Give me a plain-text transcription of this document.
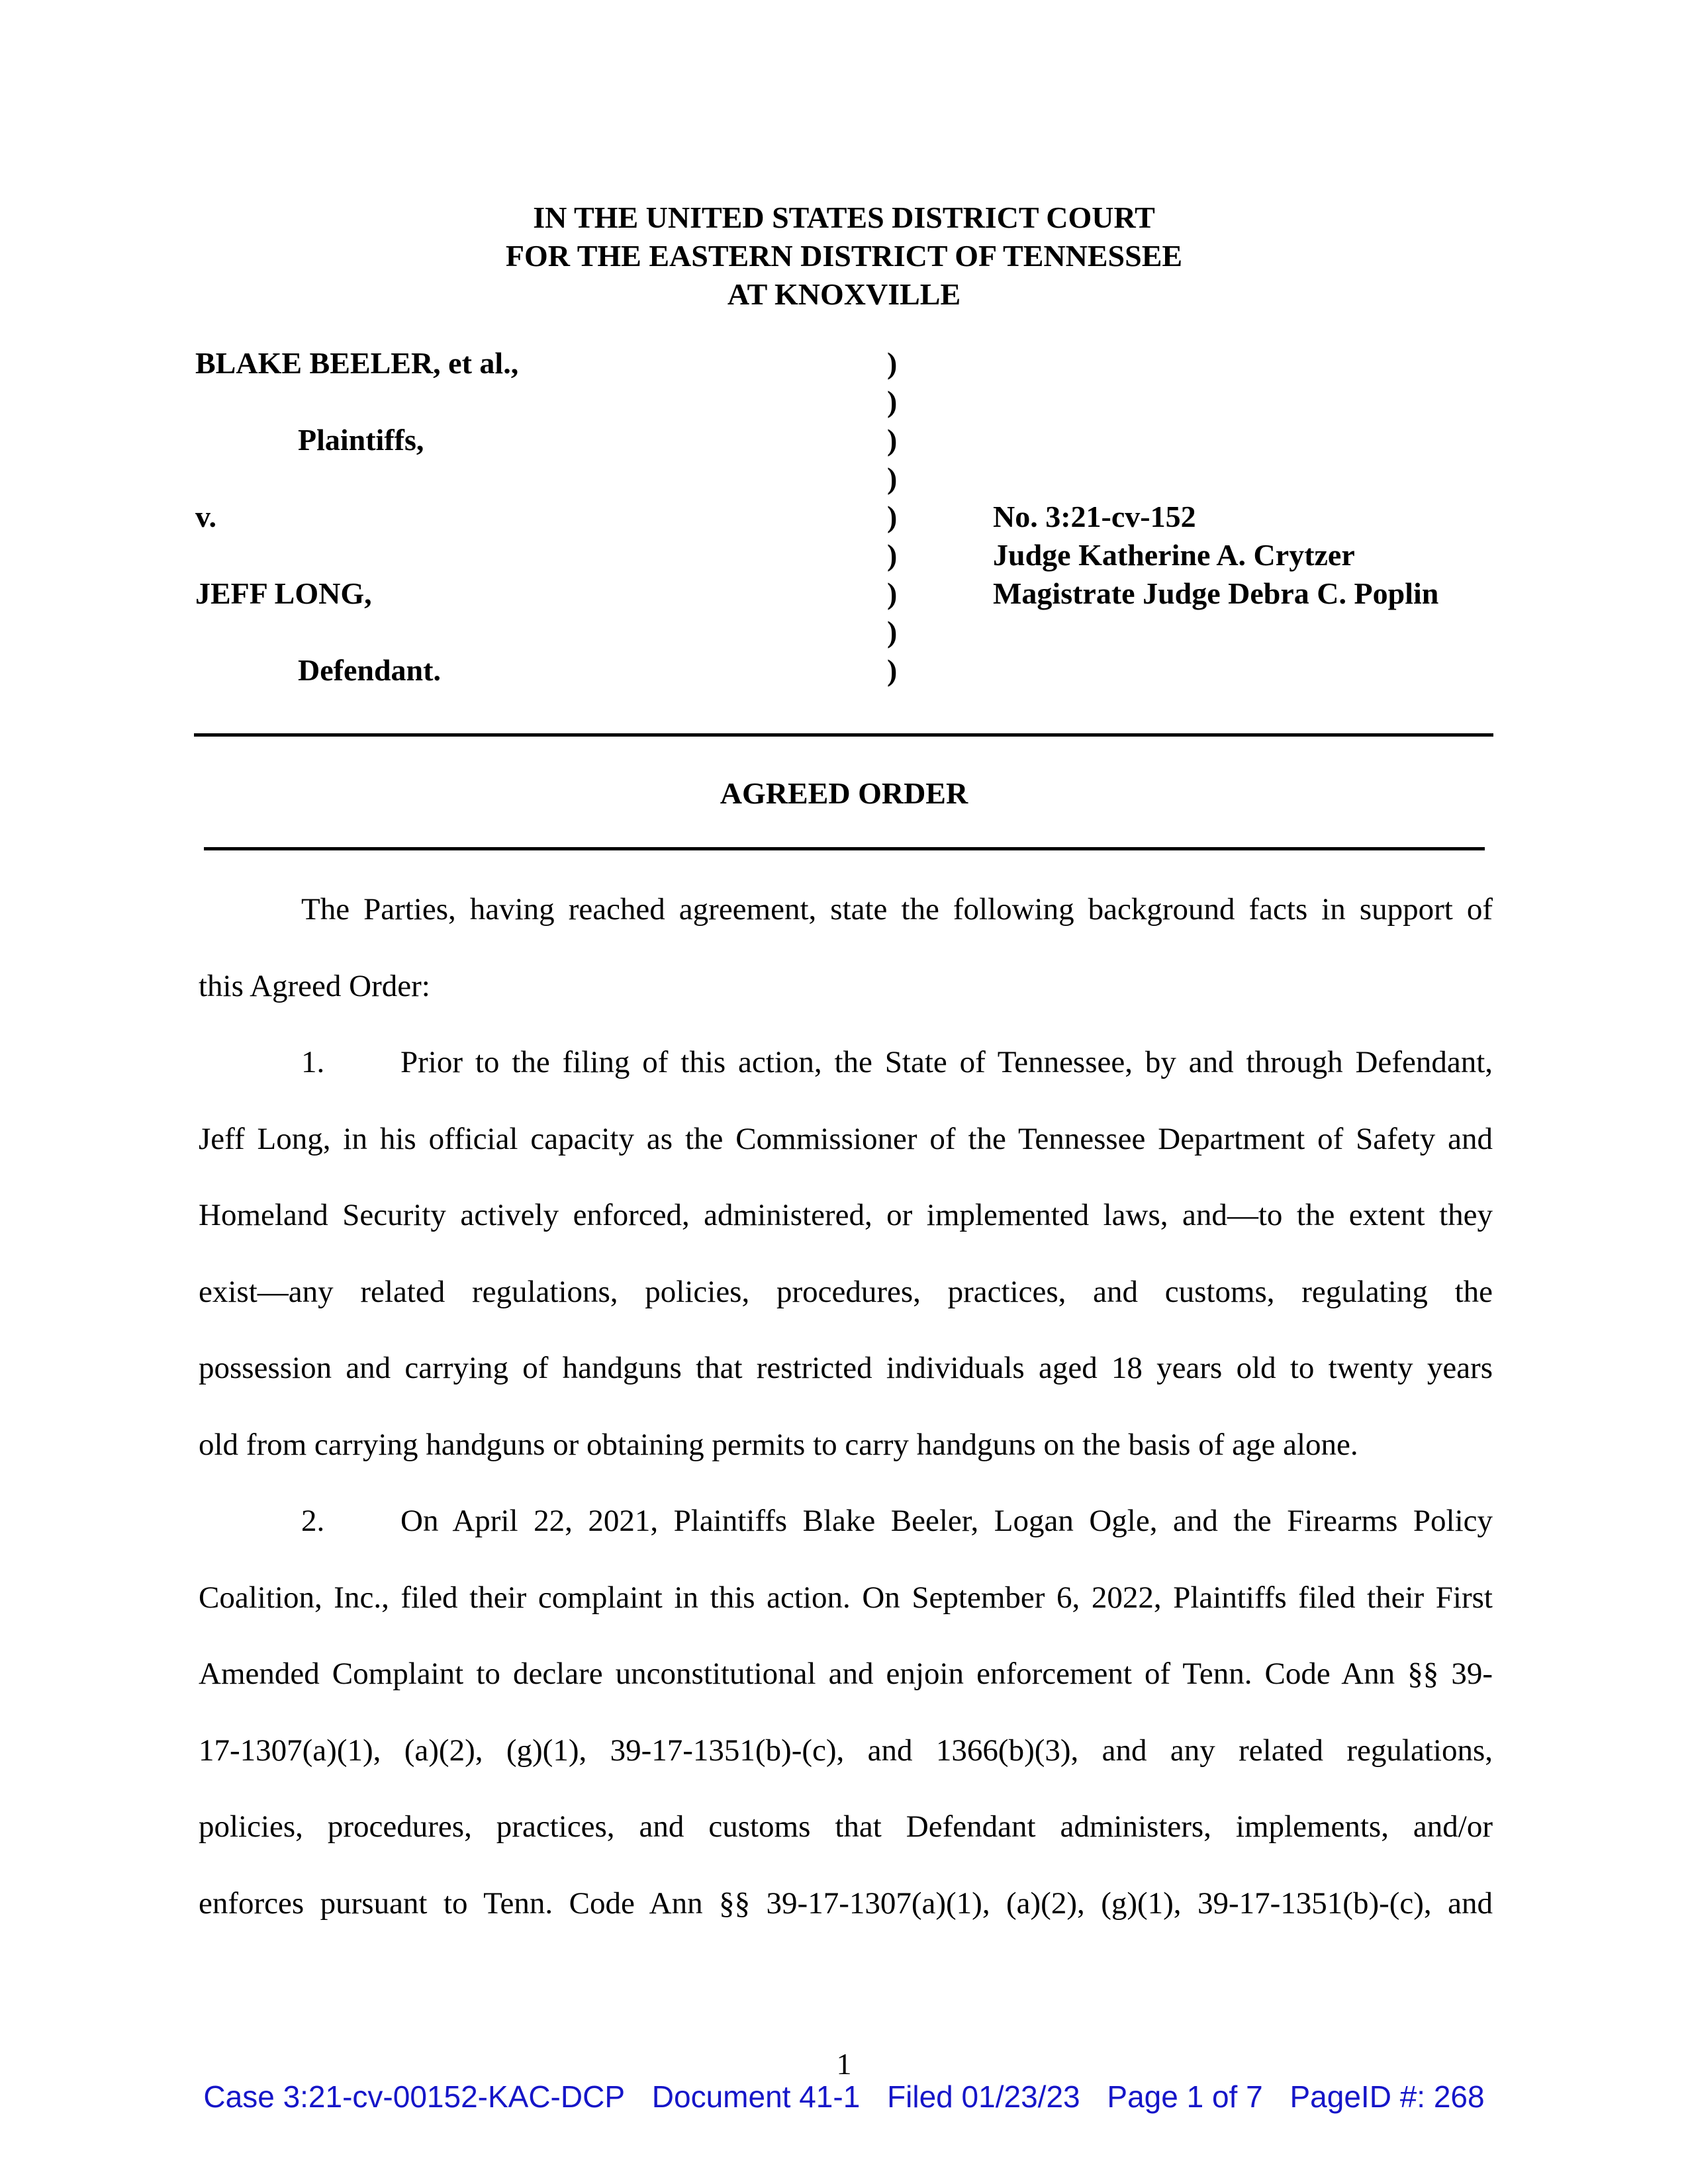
IN THE UNITED STATES DISTRICT COURT
FOR THE EASTERN DISTRICT OF TENNESSEE
AT KNOXVILLE
BLAKE BEELER, et al.,
Plaintiffs,
v.
JEFF LONG,
Defendant.
)
)
)
)
)
)
)
)
)
No. 3:21-cv-152
Judge Katherine A. Crytzer
Magistrate Judge Debra C. Poplin
AGREED ORDER
The Parties, having reached agreement, state the following background facts in support of
this Agreed Order:
1. Prior to the filing of this action, the State of Tennessee, by and through Defendant,
Jeff Long, in his official capacity as the Commissioner of the Tennessee Department of Safety and
Homeland Security actively enforced, administered, or implemented laws, and—to the extent they
exist—any related regulations, policies, procedures, practices, and customs, regulating the
possession and carrying of handguns that restricted individuals aged 18 years old to twenty years
old from carrying handguns or obtaining permits to carry handguns on the basis of age alone.
2. On April 22, 2021, Plaintiffs Blake Beeler, Logan Ogle, and the Firearms Policy
Coalition, Inc., filed their complaint in this action. On September 6, 2022, Plaintiffs filed their First
Amended Complaint to declare unconstitutional and enjoin enforcement of Tenn. Code Ann §§ 39-
17-1307(a)(1), (a)(2), (g)(1), 39-17-1351(b)-(c), and 1366(b)(3), and any related regulations,
policies, procedures, practices, and customs that Defendant administers, implements, and/or
enforces pursuant to Tenn. Code Ann §§ 39-17-1307(a)(1), (a)(2), (g)(1), 39-17-1351(b)-(c), and
1
Case 3:21-cv-00152-KAC-DCP Document 41-1 Filed 01/23/23 Page 1 of 7 PageID #: 268
